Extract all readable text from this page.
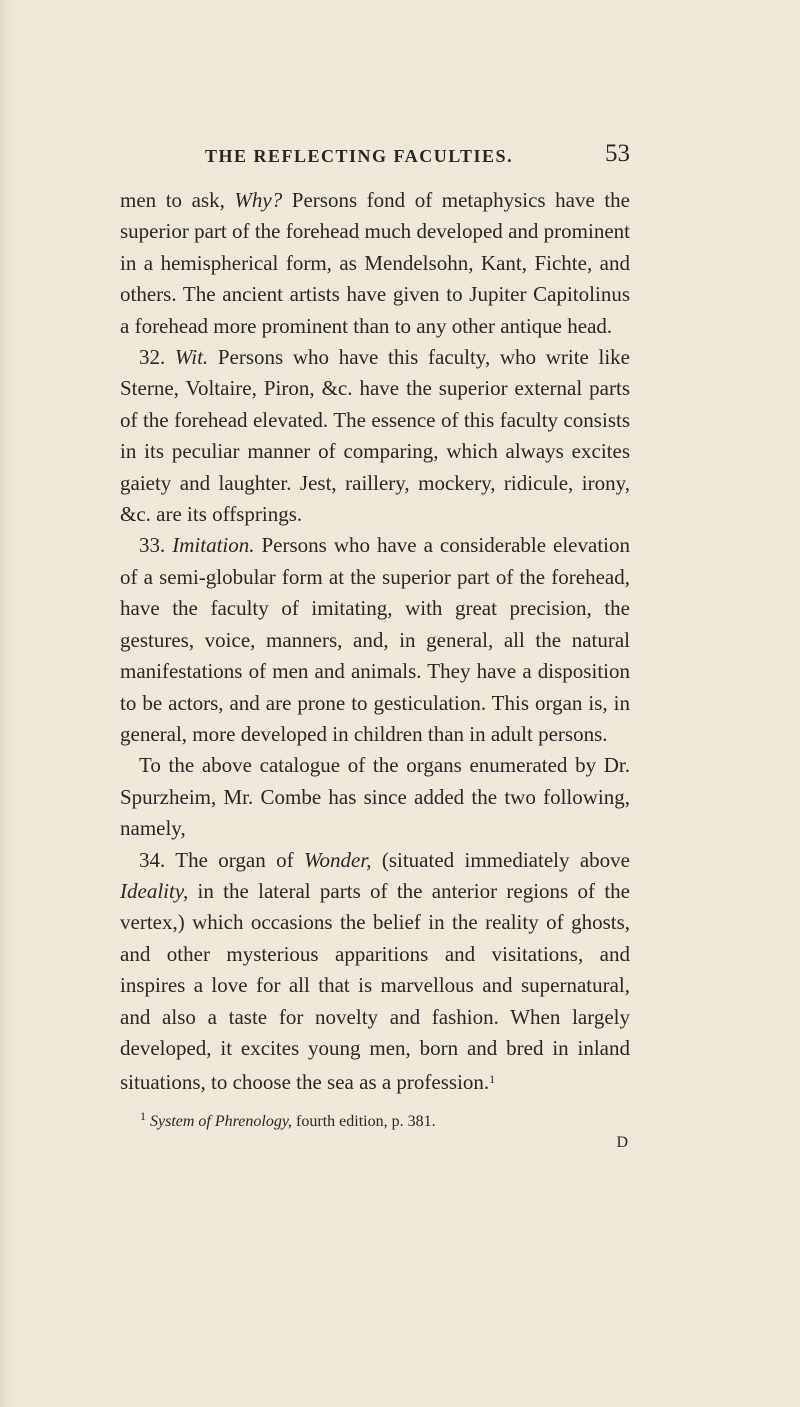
THE REFLECTING FACULTIES.	53

men to ask, Why? Persons fond of metaphysics have the superior part of the forehead much developed and prominent in a hemispherical form, as Mendelsohn, Kant, Fichte, and others. The ancient artists have given to Jupiter Capitolinus a forehead more prominent than to any other antique head.

32. Wit. Persons who have this faculty, who write like Sterne, Voltaire, Piron, &c. have the superior external parts of the forehead elevated. The essence of this faculty consists in its peculiar manner of comparing, which always excites gaiety and laughter. Jest, raillery, mockery, ridicule, irony, &c. are its offsprings.

33. Imitation. Persons who have a considerable elevation of a semi-globular form at the superior part of the forehead, have the faculty of imitating, with great precision, the gestures, voice, manners, and, in general, all the natural manifestations of men and animals. They have a disposition to be actors, and are prone to gesticulation. This organ is, in general, more developed in children than in adult persons.

To the above catalogue of the organs enumerated by Dr. Spurzheim, Mr. Combe has since added the two following, namely,

34. The organ of Wonder, (situated immediately above Ideality, in the lateral parts of the anterior regions of the vertex,) which occasions the belief in the reality of ghosts, and other mysterious apparitions and visitations, and inspires a love for all that is marvellous and supernatural, and also a taste for novelty and fashion. When largely developed, it excites young men, born and bred in inland situations, to choose the sea as a profession.$^1$

$^1$ System of Phrenology, fourth edition, p. 381.
D
